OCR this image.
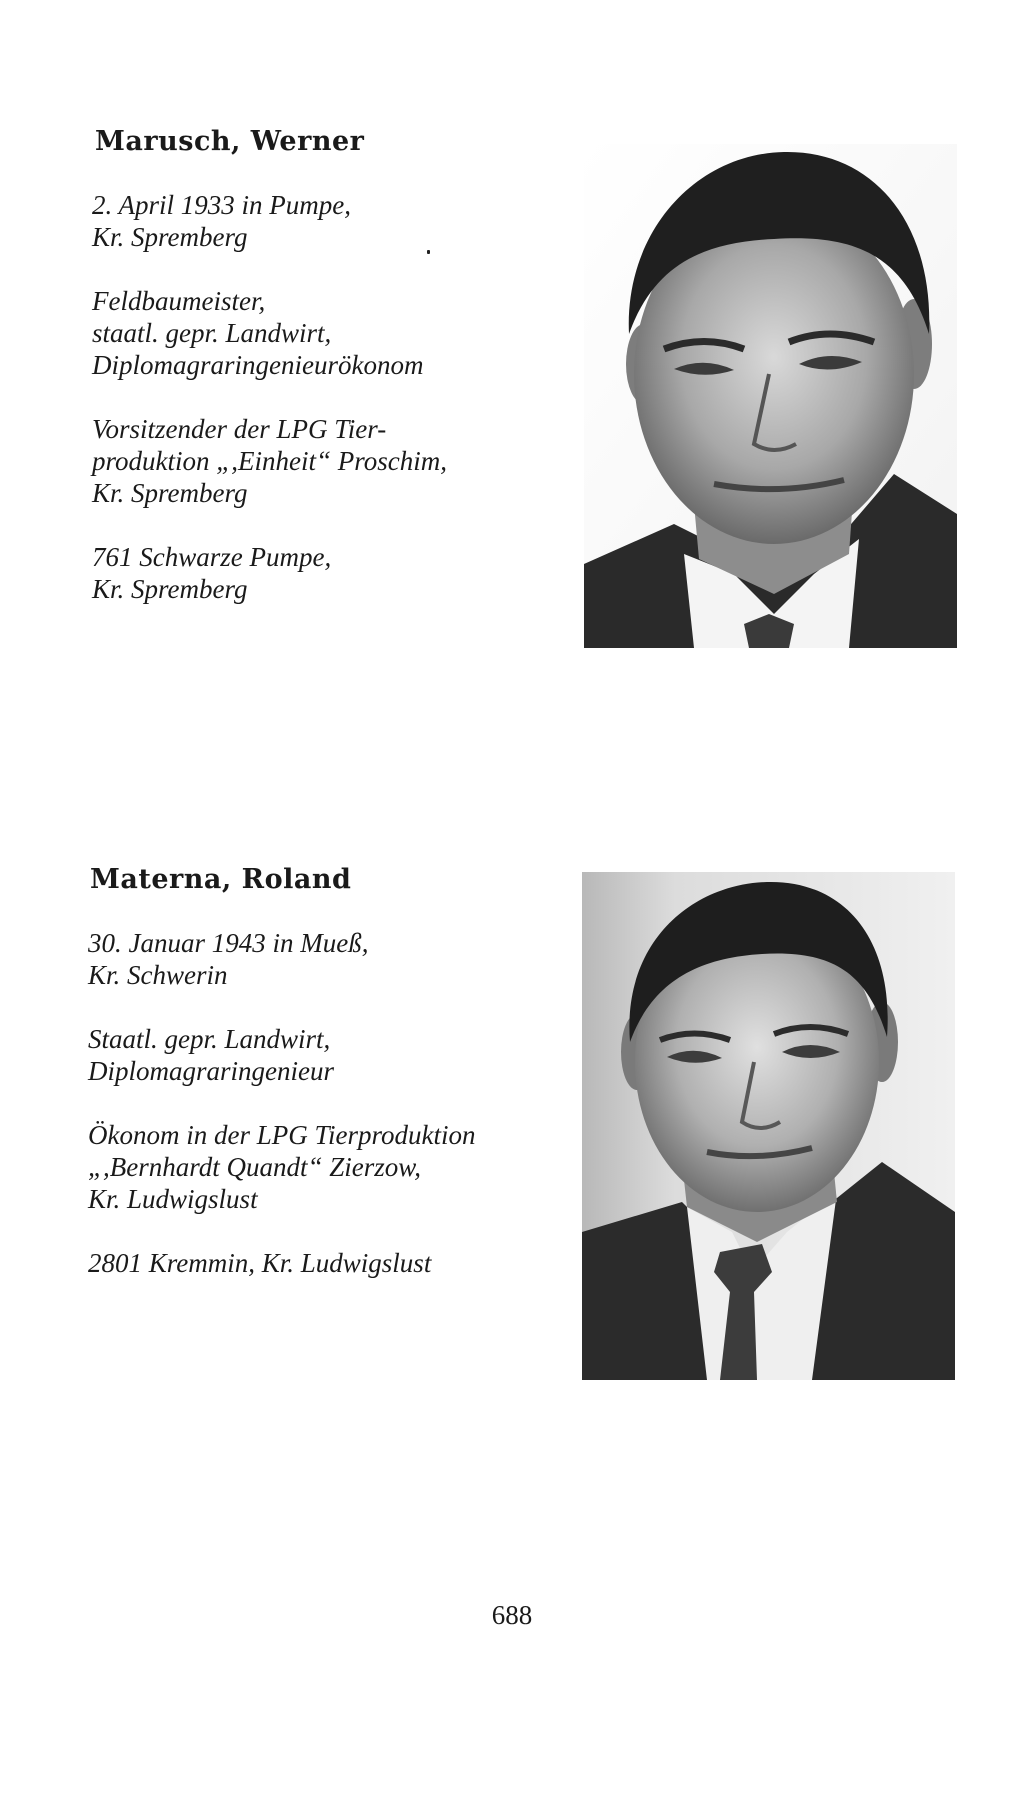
Marusch, Werner

2. April 1933 in Pumpe,
Kr. Spremberg

Feldbaumeister,
staatl. gepr. Landwirt,
Diplomagraringenieurökonom

Vorsitzender der LPG Tier-
produktion „,Einheit“ Proschim,
Kr. Spremberg

761 Schwarze Pumpe,
Kr. Spremberg

Materna, Roland

30. Januar 1943 in Mueß,
Kr. Schwerin

Staatl. gepr. Landwirt,
Diplomagraringenieur

Ökonom in der LPG Tierproduktion
„,Bernhardt Quandt“ Zierzow,
Kr. Ludwigslust

2801 Kremmin, Kr. Ludwigslust

688
